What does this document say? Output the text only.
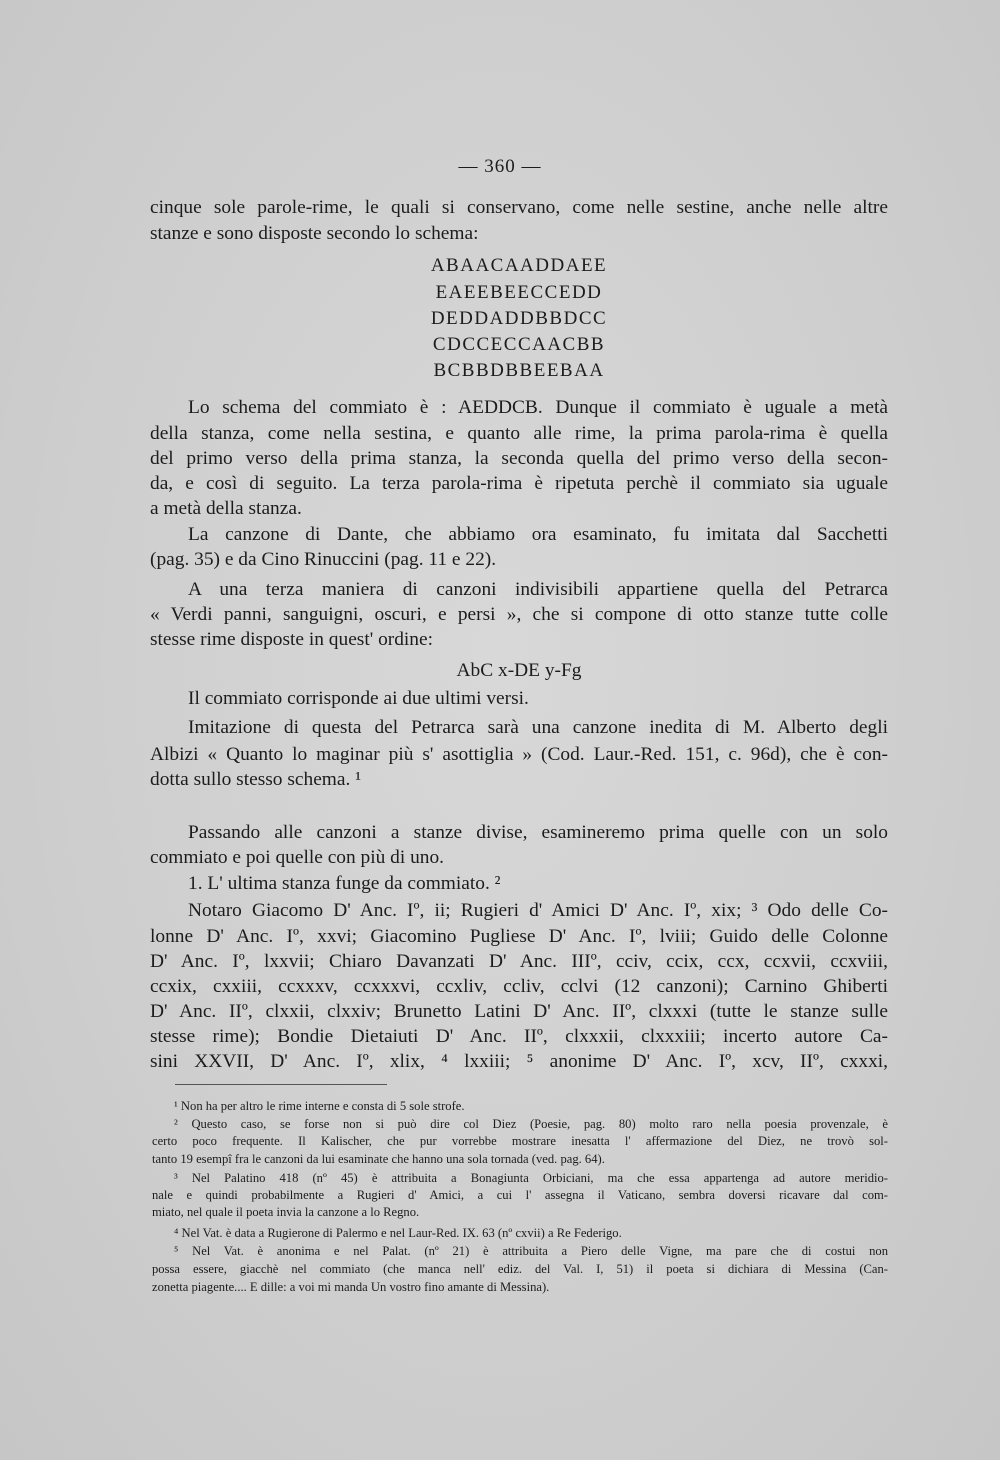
— 360 —
cinque sole parole-rime, le quali si conservano, come nelle sestine, anche nelle altre
stanze e sono disposte secondo lo schema:
ABAACAADDAEE
EAEEBEECCEDD
DEDDADDBBDCC
CDCCECCAACBB
BCBBDBBEEBAA
Lo schema del commiato è : AEDDCB. Dunque il commiato è uguale a metà
della stanza, come nella sestina, e quanto alle rime, la prima parola-rima è quella
del primo verso della prima stanza, la seconda quella del primo verso della secon-
da, e così di seguito. La terza parola-rima è ripetuta perchè il commiato sia uguale
a metà della stanza.
La canzone di Dante, che abbiamo ora esaminato, fu imitata dal Sacchetti
(pag. 35) e da Cino Rinuccini (pag. 11 e 22).
A una terza maniera di canzoni indivisibili appartiene quella del Petrarca
« Verdi panni, sanguigni, oscuri, e persi », che si compone di otto stanze tutte colle
stesse rime disposte in quest' ordine:
AbC x-DE y-Fg
Il commiato corrisponde ai due ultimi versi.
Imitazione di questa del Petrarca sarà una canzone inedita di M. Alberto degli
Albizi « Quanto lo maginar più s' asottiglia » (Cod. Laur.-Red. 151, c. 96d), che è con-
dotta sullo stesso schema. ¹
Passando alle canzoni a stanze divise, esamineremo prima quelle con un solo
commiato e poi quelle con più di uno.
1. L' ultima stanza funge da commiato. ²
Notaro Giacomo D' Anc. Iº, ii; Rugieri d' Amici D' Anc. Iº, xix; ³ Odo delle Co-
lonne D' Anc. Iº, xxvi; Giacomino Pugliese D' Anc. Iº, lviii; Guido delle Colonne
D' Anc. Iº, lxxvii; Chiaro Davanzati D' Anc. IIIº, cciv, ccix, ccx, ccxvii, ccxviii,
ccxix, cxxiii, ccxxxv, ccxxxvi, ccxliv, ccliv, cclvi (12 canzoni); Carnino Ghiberti
D' Anc. IIº, clxxii, clxxiv; Brunetto Latini D' Anc. IIº, clxxxi (tutte le stanze sulle
stesse rime); Bondie Dietaiuti D' Anc. IIº, clxxxii, clxxxiii; incerto autore Ca-
sini XXVII, D' Anc. Iº, xlix, ⁴ lxxiii; ⁵ anonime D' Anc. Iº, xcv, IIº, cxxxi,
¹ Non ha per altro le rime interne e consta di 5 sole strofe.
² Questo caso, se forse non si può dire col Diez (Poesie, pag. 80) molto raro nella poesia provenzale, è
certo poco frequente. Il Kalischer, che pur vorrebbe mostrare inesatta l' affermazione del Diez, ne trovò sol-
tanto 19 esempî fra le canzoni da lui esaminate che hanno una sola tornada (ved. pag. 64).
³ Nel Palatino 418 (nº 45) è attribuita a Bonagiunta Orbiciani, ma che essa appartenga ad autore meridio-
nale e quindi probabilmente a Rugieri d' Amici, a cui l' assegna il Vaticano, sembra doversi ricavare dal com-
miato, nel quale il poeta invia la canzone a lo Regno.
⁴ Nel Vat. è data a Rugierone di Palermo e nel Laur-Red. IX. 63 (nº cxvii) a Re Federigo.
⁵ Nel Vat. è anonima e nel Palat. (nº 21) è attribuita a Piero delle Vigne, ma pare che di costui non
possa essere, giacchè nel commiato (che manca nell' ediz. del Val. I, 51) il poeta si dichiara di Messina (Can-
zonetta piagente.... E dille: a voi mi manda Un vostro fino amante di Messina).
